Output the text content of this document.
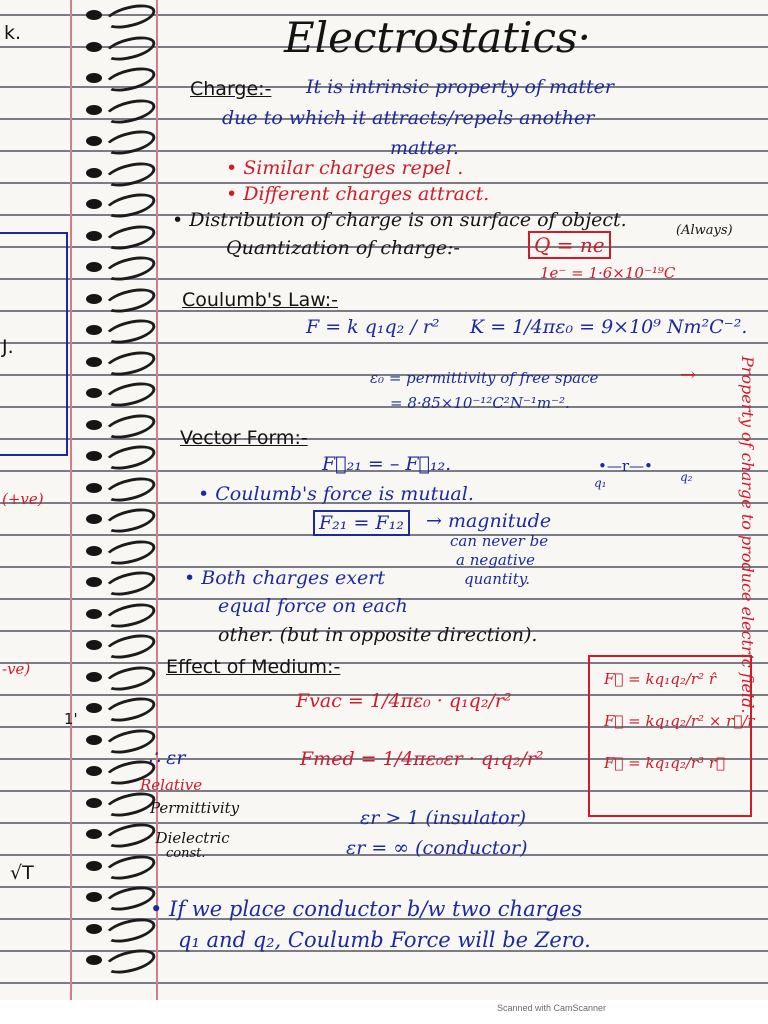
k.
J.
(+ve)
-ve)
1'
√T
Electrostatics·
Charge:- It is intrinsic property of matter
due to which it attracts/repels another
matter.
• Similar charges repel .
• Different charges attract.
• Distribution of charge is on surface of object.	(Always)
Quantization of charge:-	Q = ne
1e⁻ = 1·6×10⁻¹⁹C
Coulumb's Law:-
F = k q₁q₂ / r² K = 1/4πε₀ = 9×10⁹ Nm²C⁻².
ε₀ = permittivity of free space	→
= 8·85×10⁻¹²C²N⁻¹m⁻².	Property of charge to produce electric field.
Vector Form:-
F⃗₂₁ = – F⃗₁₂.	•—r—•
q₁	q₂
• Coulumb's force is mutual.
F₂₁ = F₁₂	→ magnitude
can never be
a negative
quantity.
• Both charges exert
equal force on each
other. (but in opposite direction).
Effect of Medium:-
Fvac = 1/4πε₀ · q₁q₂/r²
Fmed = 1/4πε₀εr · q₁q₂/r²
∴ εr
Relative
Permittivity
· Dielectric
const.
εr > 1 (insulator)
εr = ∞ (conductor)
F⃗ = kq₁q₂/r² r̂
F⃗ = kq₁q₂/r² × r⃗/r
F⃗ = kq₁q₂/r³ r⃗
• If we place conductor b/w two charges
q₁ and q₂, Coulumb Force will be Zero.
Scanned with CamScanner
